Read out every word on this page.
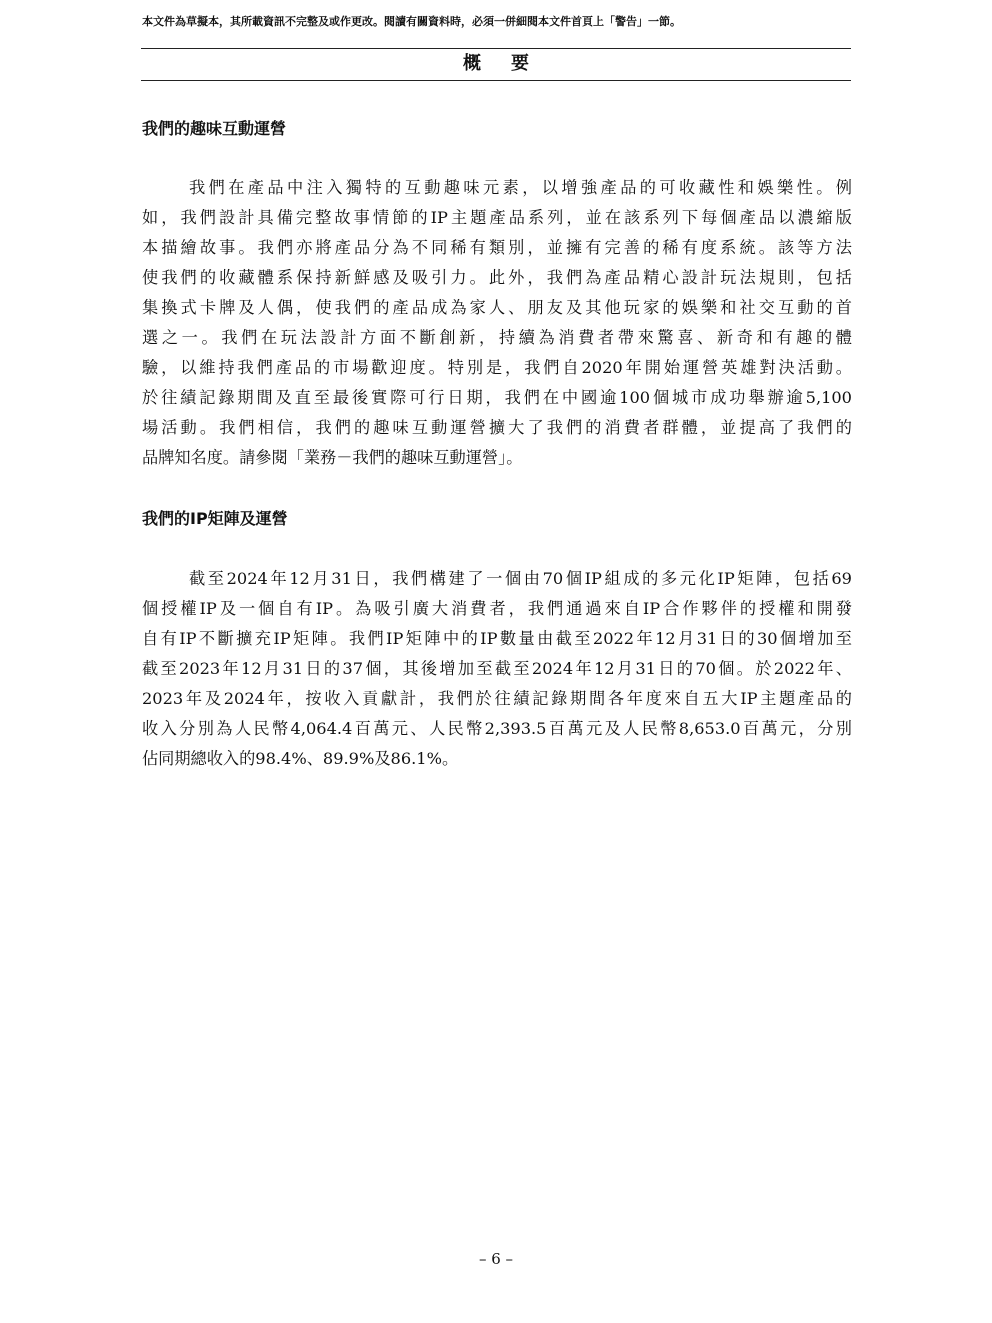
本文件為草擬本，其所載資訊不完整及或作更改。閱讀有關資料時，必須一併細閱本文件首頁上「警告」一節。
概要
我們的趣味互動運營
我們在產品中注入獨特的互動趣味元素，以增強產品的可收藏性和娛樂性。例
如，我們設計具備完整故事情節的IP主題產品系列，並在該系列下每個產品以濃縮版
本描繪故事。我們亦將產品分為不同稀有類別，並擁有完善的稀有度系統。該等方法
使我們的收藏體系保持新鮮感及吸引力。此外，我們為產品精心設計玩法規則，包括
集換式卡牌及人偶，使我們的產品成為家人、朋友及其他玩家的娛樂和社交互動的首
選之一。我們在玩法設計方面不斷創新，持續為消費者帶來驚喜、新奇和有趣的體
驗，以維持我們產品的市場歡迎度。特別是，我們自2020年開始運營英雄對決活動。
於往績記錄期間及直至最後實際可行日期，我們在中國逾100個城市成功舉辦逾5,100
場活動。我們相信，我們的趣味互動運營擴大了我們的消費者群體，並提高了我們的
品牌知名度。請參閱「業務－我們的趣味互動運營」。
我們的IP矩陣及運營
截至2024年12月31日，我們構建了一個由70個IP組成的多元化IP矩陣，包括69
個授權IP及一個自有IP。為吸引廣大消費者，我們通過來自IP合作夥伴的授權和開發
自有IP不斷擴充IP矩陣。我們IP矩陣中的IP數量由截至2022年12月31日的30個增加至
截至2023年12月31日的37個，其後增加至截至2024年12月31日的70個。於2022年、
2023年及2024年，按收入貢獻計，我們於往績記錄期間各年度來自五大IP主題產品的
收入分別為人民幣4,064.4百萬元、人民幣2,393.5百萬元及人民幣8,653.0百萬元，分別
佔同期總收入的98.4%、89.9%及86.1%。
– 6 –
